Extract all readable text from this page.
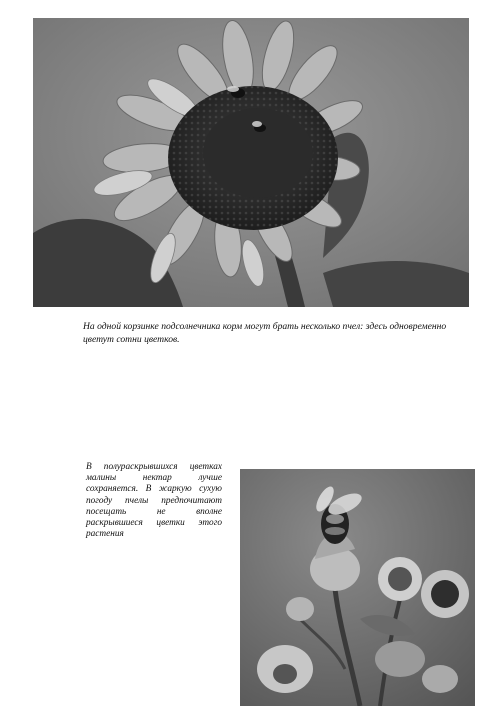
На одной корзинке подсолнечника корм могут брать несколько пчел: здесь одновременно цветут сотни цветков.

В полураскрывшихся цветках малины нектар лучше сохраняется. В жаркую сухую погоду пчелы предпочитают посещать не вполне раскрывшиеся цветки этого растения
